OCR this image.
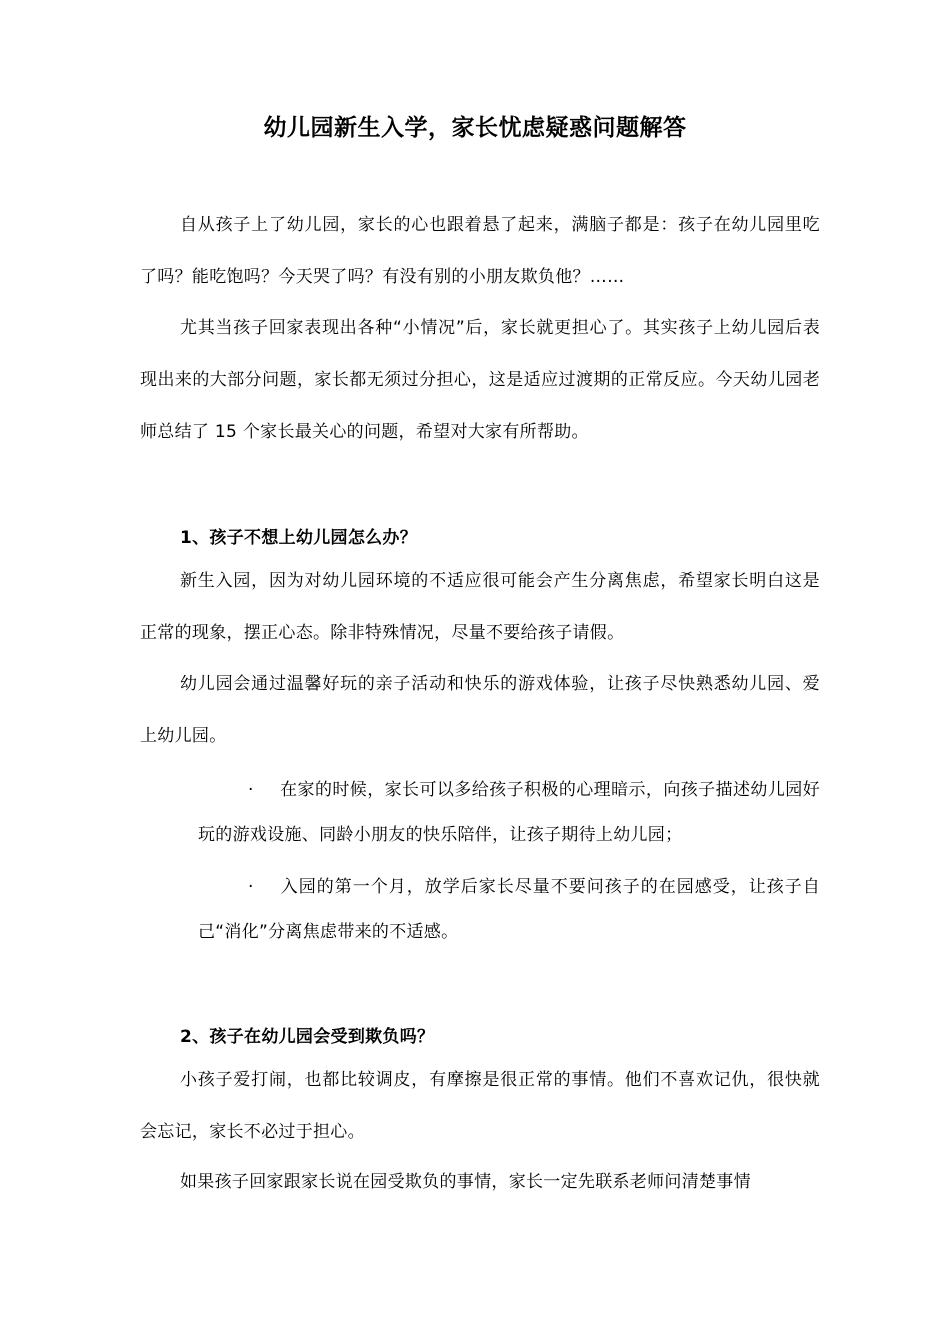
幼儿园新生入学，家长忧虑疑惑问题解答

自从孩子上了幼儿园，家长的心也跟着悬了起来，满脑子都是：孩子在幼儿园里吃了吗？能吃饱吗？今天哭了吗？有没有别的小朋友欺负他？……

尤其当孩子回家表现出各种“小情况”后，家长就更担心了。其实孩子上幼儿园后表现出来的大部分问题，家长都无须过分担心，这是适应过渡期的正常反应。今天幼儿园老师总结了 15 个家长最关心的问题，希望对大家有所帮助。

1、孩子不想上幼儿园怎么办？

新生入园，因为对幼儿园环境的不适应很可能会产生分离焦虑，希望家长明白这是正常的现象，摆正心态。除非特殊情况，尽量不要给孩子请假。

幼儿园会通过温馨好玩的亲子活动和快乐的游戏体验，让孩子尽快熟悉幼儿园、爱上幼儿园。

· 在家的时候，家长可以多给孩子积极的心理暗示，向孩子描述幼儿园好玩的游戏设施、同龄小朋友的快乐陪伴，让孩子期待上幼儿园；

· 入园的第一个月，放学后家长尽量不要问孩子的在园感受，让孩子自己“消化”分离焦虑带来的不适感。

2、孩子在幼儿园会受到欺负吗？

小孩子爱打闹，也都比较调皮，有摩擦是很正常的事情。他们不喜欢记仇，很快就会忘记，家长不必过于担心。

如果孩子回家跟家长说在园受欺负的事情，家长一定先联系老师问清楚事情
